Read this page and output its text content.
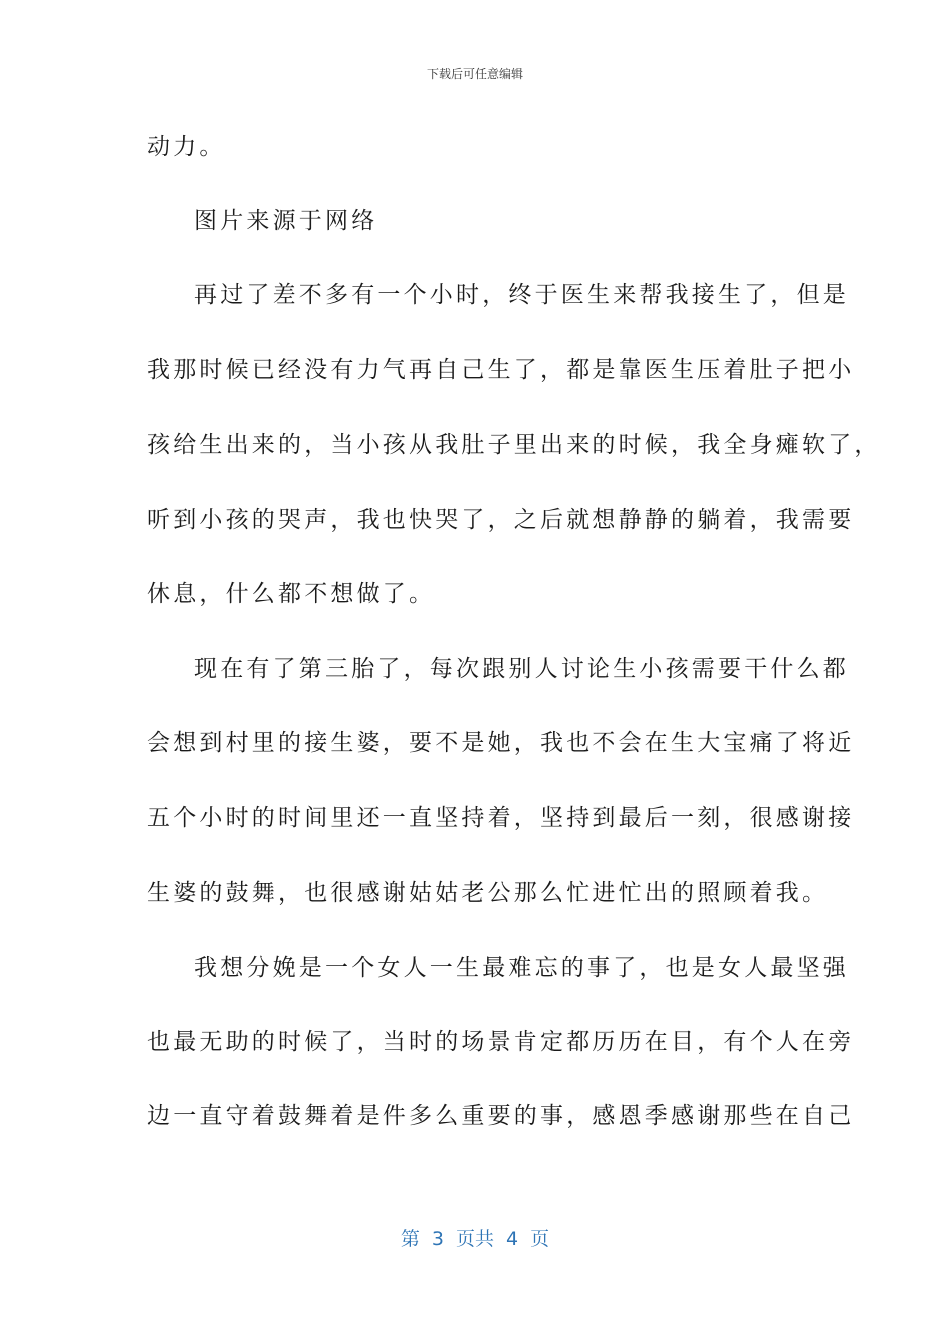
下载后可任意编辑
动力。
图片来源于网络
再过了差不多有一个小时，终于医生来帮我接生了，但是
我那时候已经没有力气再自己生了，都是靠医生压着肚子把小
孩给生出来的，当小孩从我肚子里出来的时候，我全身瘫软了，
听到小孩的哭声，我也快哭了，之后就想静静的躺着，我需要
休息，什么都不想做了。
现在有了第三胎了，每次跟别人讨论生小孩需要干什么都
会想到村里的接生婆，要不是她，我也不会在生大宝痛了将近
五个小时的时间里还一直坚持着，坚持到最后一刻，很感谢接
生婆的鼓舞，也很感谢姑姑老公那么忙进忙出的照顾着我。
我想分娩是一个女人一生最难忘的事了，也是女人最坚强
也最无助的时候了，当时的场景肯定都历历在目，有个人在旁
边一直守着鼓舞着是件多么重要的事，感恩季感谢那些在自己
第 3 页共 4 页
